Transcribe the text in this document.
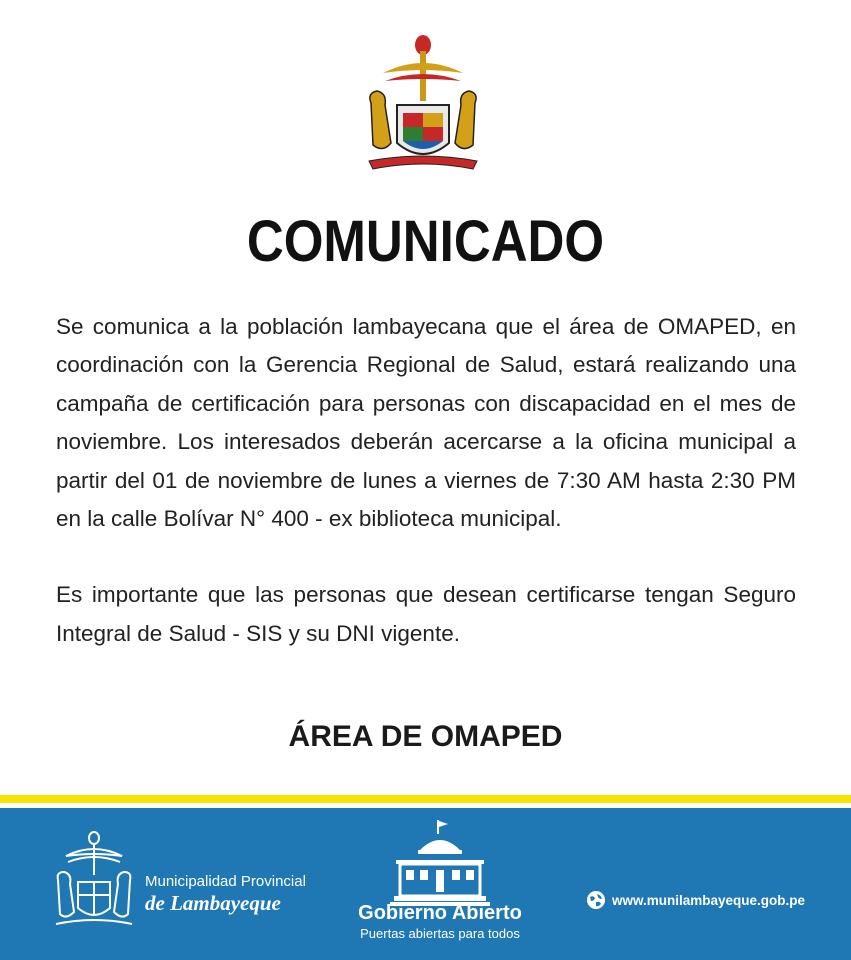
COMUNICADO

Se comunica a la población lambayecana que el área de OMAPED, en coordinación con la Gerencia Regional de Salud, estará realizando una campaña de certificación para personas con discapacidad en el mes de noviembre. Los interesados deberán acercarse a la oficina municipal a partir del 01 de noviembre de lunes a viernes de 7:30 AM hasta 2:30 PM en la calle Bolívar N° 400 - ex biblioteca municipal.

Es importante que las personas que desean certificarse tengan Seguro Integral de Salud - SIS y su DNI vigente.

ÁREA DE OMAPED
Municipalidad Provincial
de Lambayeque	Gobierno Abierto
Puertas abiertas para todos
www.munilambayeque.gob.pe
